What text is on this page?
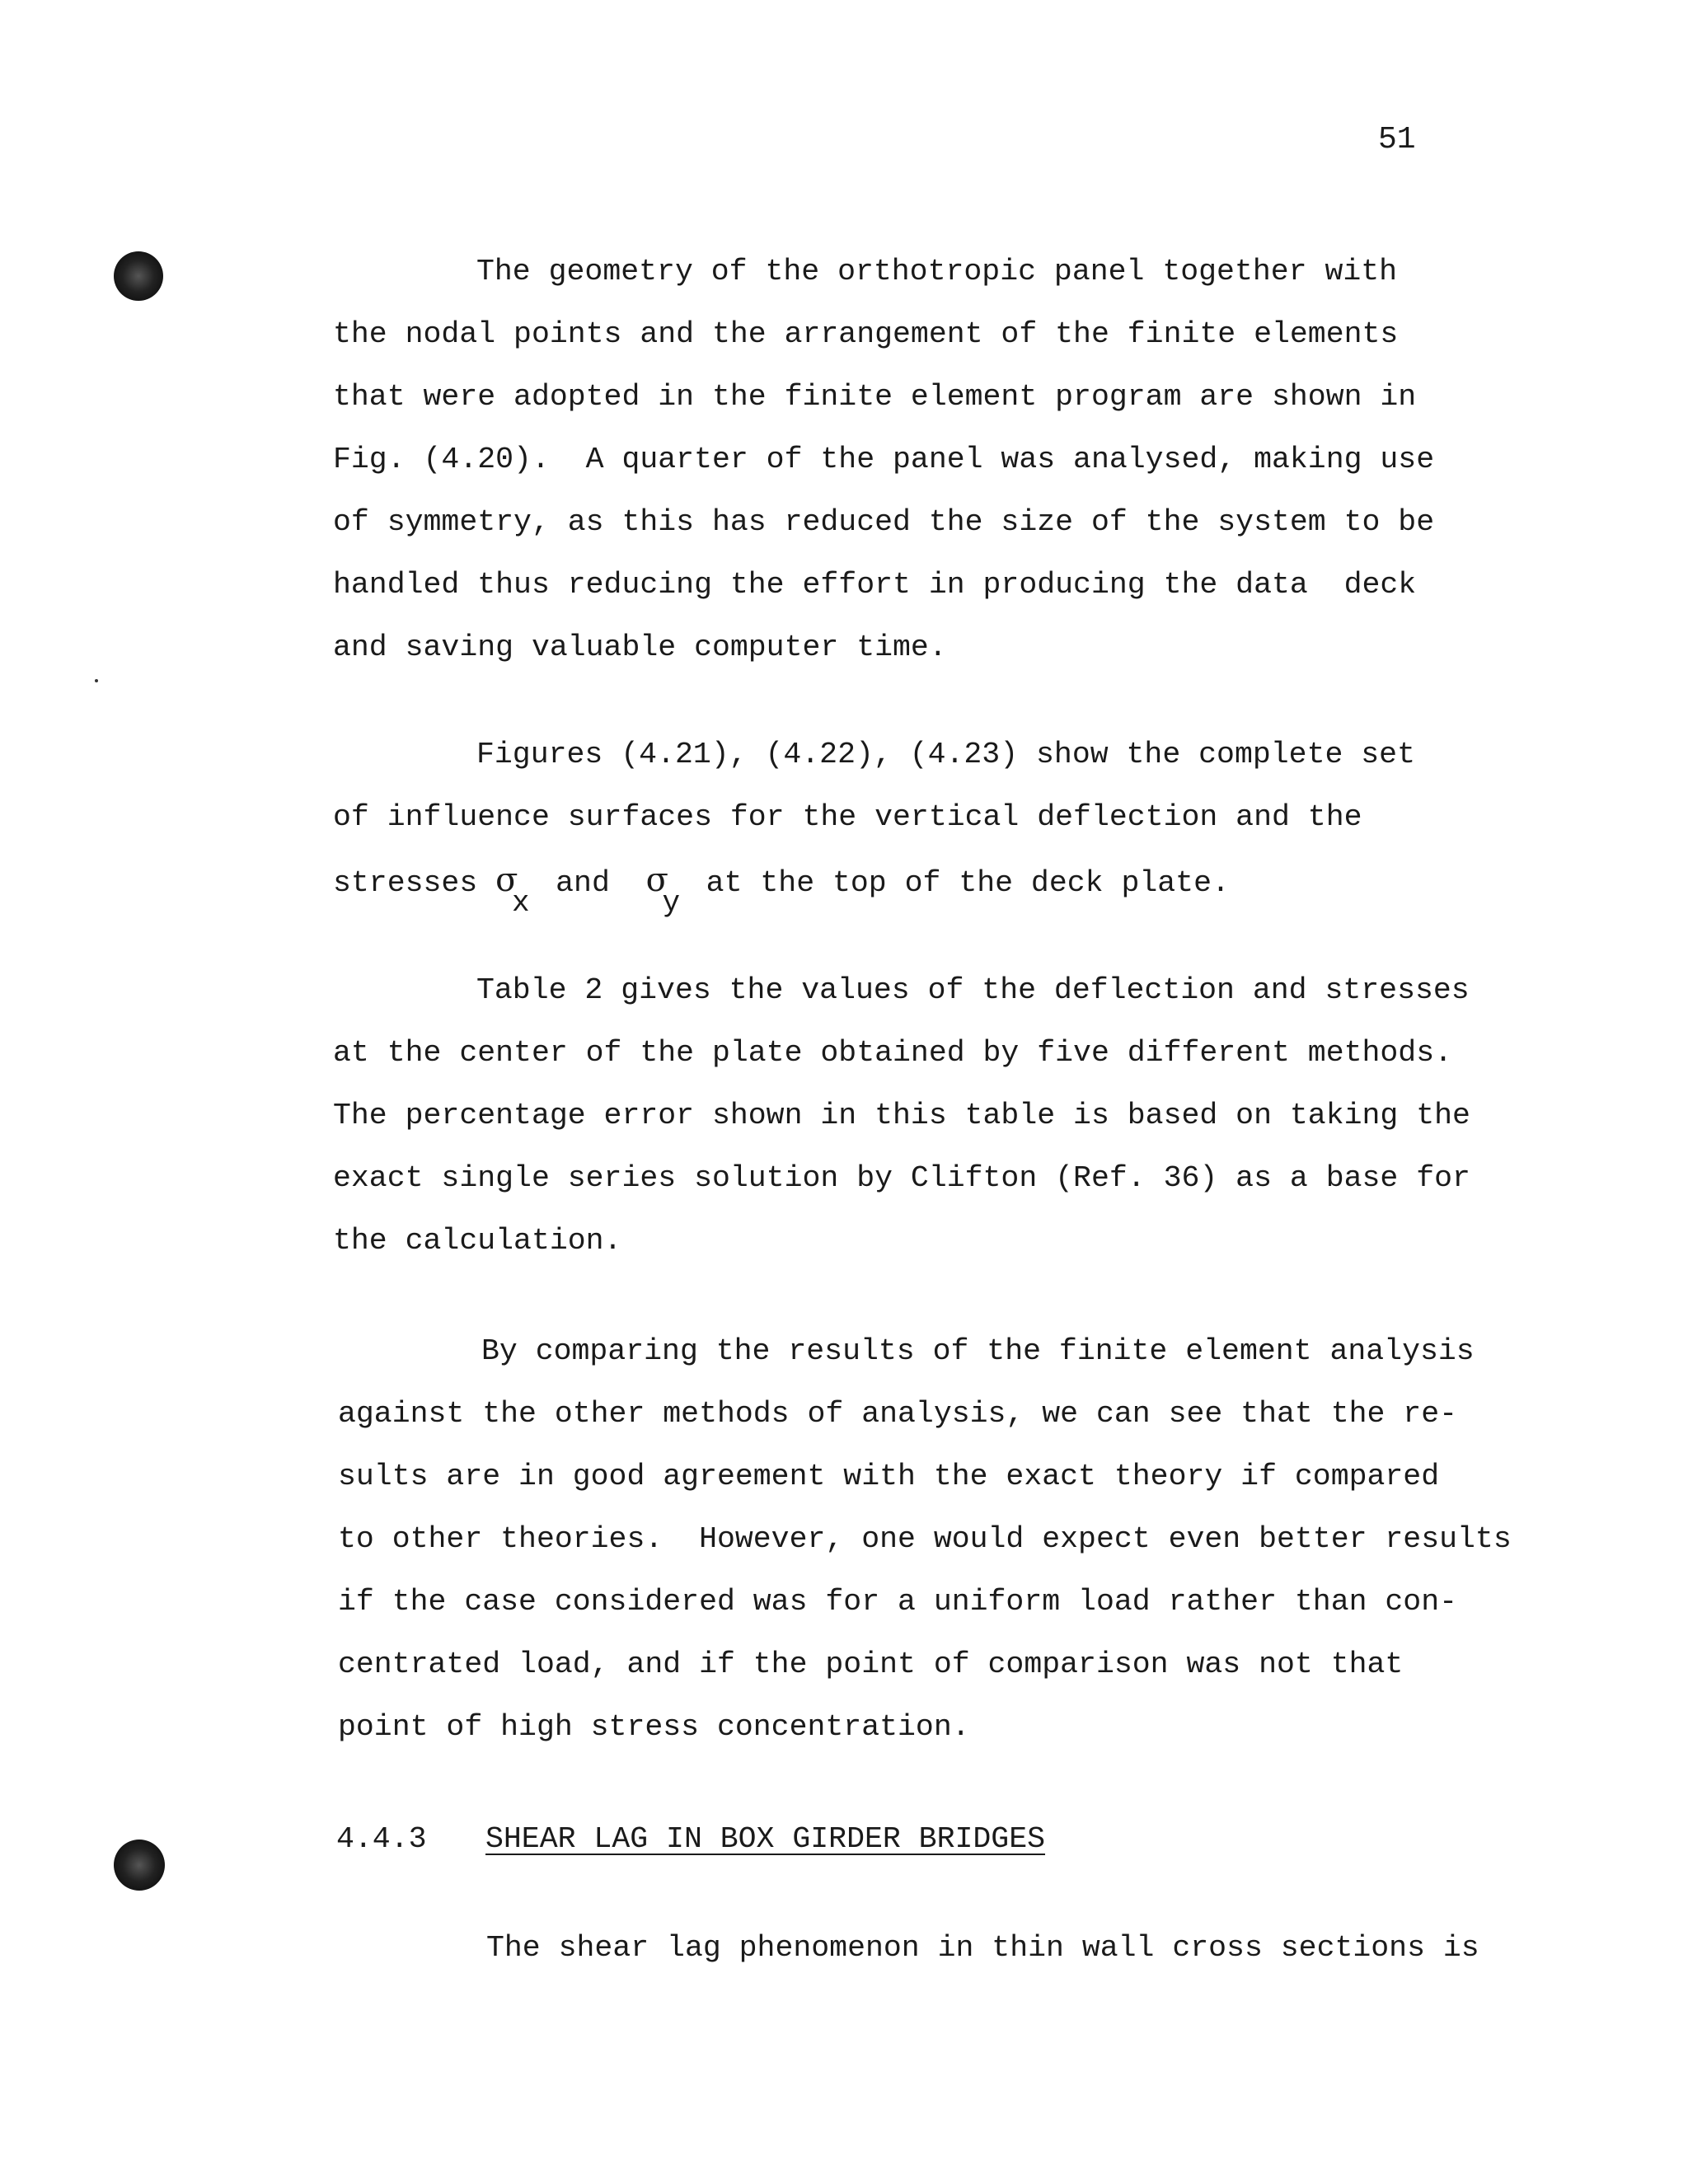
51
The geometry of the orthotropic panel together with
the nodal points and the arrangement of the finite elements
that were adopted in the finite element program are shown in
Fig. (4.20).  A quarter of the panel was analysed, making use
of symmetry, as this has reduced the size of the system to be
handled thus reducing the effort in producing the data  deck
and saving valuable computer time.
Figures (4.21), (4.22), (4.23) show the complete set
of influence surfaces for the vertical deflection and the
stresses σ
x
and σ
y
at the top of the deck plate.
Table 2 gives the values of the deflection and stresses
at the center of the plate obtained by five different methods.
The percentage error shown in this table is based on taking the
exact single series solution by Clifton (Ref. 36) as a base for
the calculation.
By comparing the results of the finite element analysis
against the other methods of analysis, we can see that the re-
sults are in good agreement with the exact theory if compared
to other theories.  However, one would expect even better results
if the case considered was for a uniform load rather than con-
centrated load, and if the point of comparison was not that
point of high stress concentration.
4.4.3 SHEAR LAG IN BOX GIRDER BRIDGES
The shear lag phenomenon in thin wall cross sections is
